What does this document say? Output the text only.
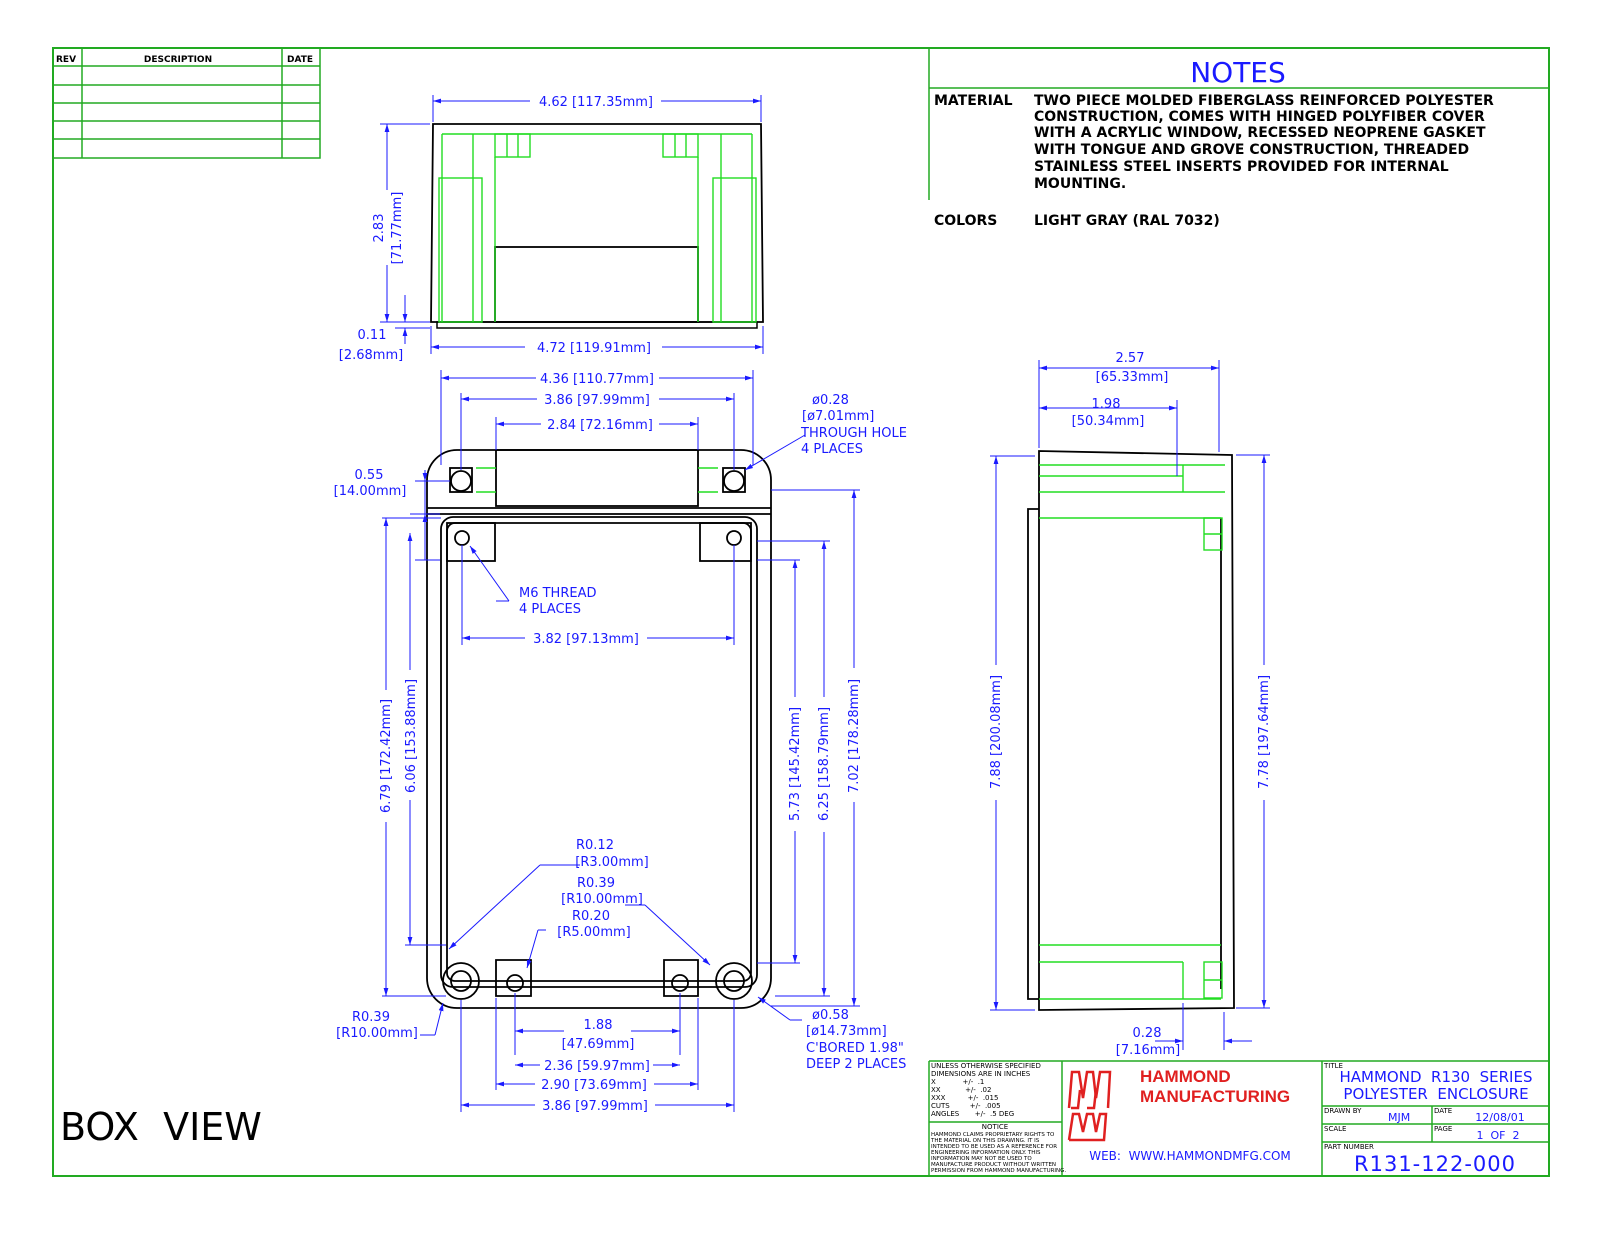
REV	DESCRIPTION	DATE	NOTES
MATERIAL TWO PIECE MOLDED FIBERGLASS REINFORCED POLYESTER
CONSTRUCTION, COMES WITH HINGED POLYFIBER COVER
WITH A ACRYLIC WINDOW, RECESSED NEOPRENE GASKET
WITH TONGUE AND GROVE CONSTRUCTION, THREADED
STAINLESS STEEL INSERTS PROVIDED FOR INTERNAL
MOUNTING.
COLORS	LIGHT GRAY (RAL 7032)
4.62 [117.35mm]
2.83 [71.77mm]
0.11
[2.68mm]	4.72 [119.91mm]
4.36 [110.77mm]
3.86 [97.99mm]
2.84 [72.16mm]
3.82 [97.13mm]
0.55
[14.00mm]
ø0.28
[ø7.01mm]
THROUGH HOLE
4 PLACES
M6 THREAD
4 PLACES
6.79 [172.42mm] 6.06 [153.88mm]	5.73 [145.42mm] 6.25 [158.79mm] 7.02 [178.28mm]
R0.12
[R3.00mm]
R0.39
[R10.00mm]
R0.20
[R5.00mm]
R0.39
[R10.00mm]
ø0.58
[ø14.73mm]
C'BORED 1.98"
DEEP 2 PLACES
1.88
[47.69mm]
2.36 [59.97mm]
2.90 [73.69mm]
3.86 [97.99mm]
2.57
[65.33mm]
1.98
[50.34mm]
7.88 [200.08mm]	7.78 [197.64mm]
0.28
[7.16mm]
BOX  VIEW
UNLESS OTHERWISE SPECIFIED
DIMENSIONS ARE IN INCHES
X            +/-  .1
XX           +/-  .02
XXX          +/-  .015
CUTS         +/-  .005
ANGLES       +/-  .5 DEG
NOTICE
HAMMOND CLAIMS PROPRIETARY RIGHTS TO
THE MATERIAL ON THIS DRAWING. IT IS
INTENDED TO BE USED AS A REFERENCE FOR
ENGINEERING INFORMATION ONLY. THIS
INFORMATION MAY NOT BE USED TO
MANUFACTURE PRODUCT WITHOUT WRITTEN
PERMISSION FROM HAMMOND MANUFACTURING.
HAMMOND
MANUFACTURING
WEB:  WWW.HAMMONDMFG.COM
TITLE
HAMMOND  R130  SERIES
POLYESTER  ENCLOSURE
DRAWN BY MJM	DATE 12/08/01
SCALE	PAGE 1  OF  2
PART NUMBER
R131-122-000
